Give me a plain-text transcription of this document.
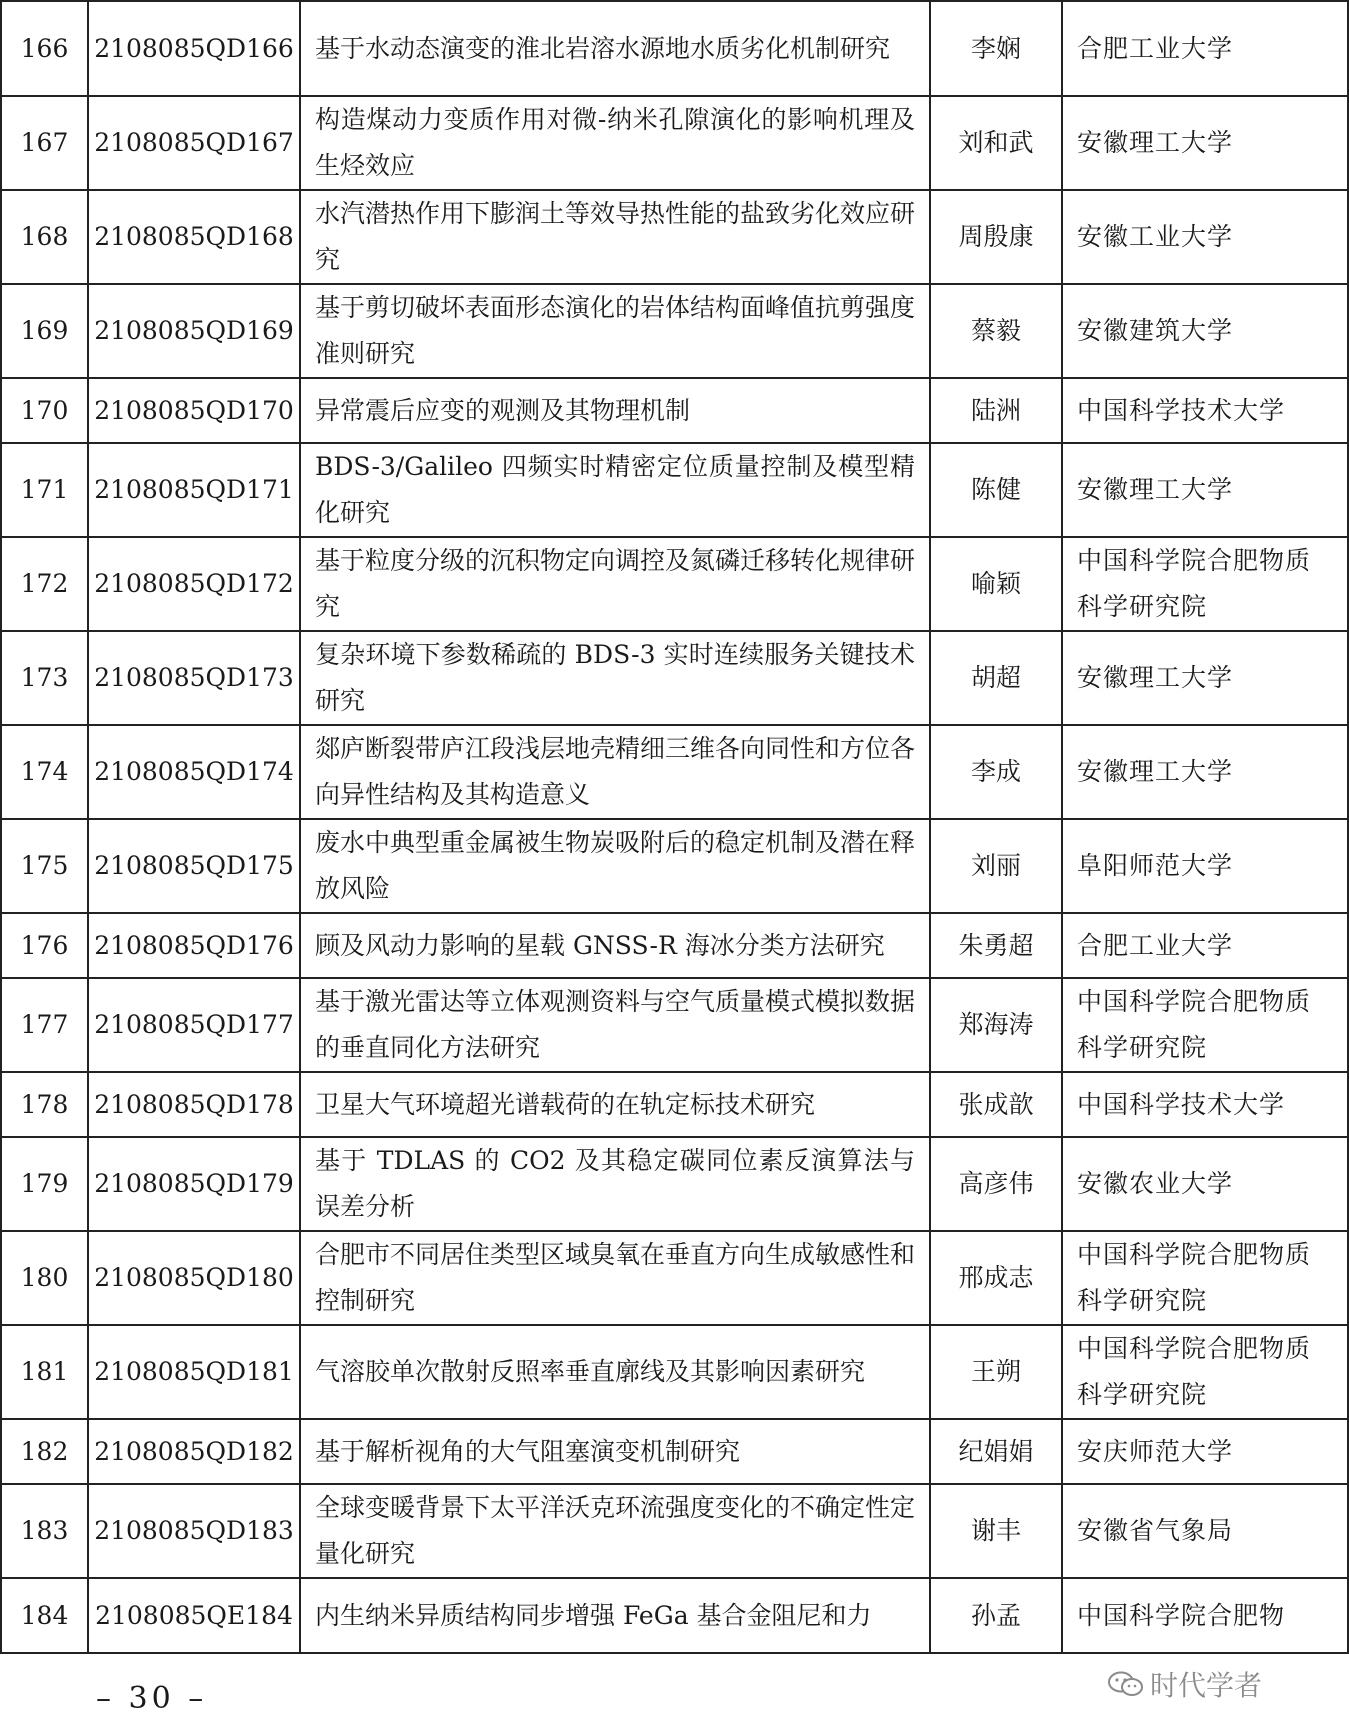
166	2108085QD166	基于水动态演变的淮北岩溶水源地水质劣化机制研究	李娴	合肥工业大学
167	2108085QD167	构造煤动力变质作用对微-纳米孔隙演化的影响机理及生烃效应	刘和武	安徽理工大学
168	2108085QD168	水汽潜热作用下膨润土等效导热性能的盐致劣化效应研究	周殷康	安徽工业大学
169	2108085QD169	基于剪切破坏表面形态演化的岩体结构面峰值抗剪强度准则研究	蔡毅	安徽建筑大学
170	2108085QD170	异常震后应变的观测及其物理机制	陆洲	中国科学技术大学
171	2108085QD171	BDS-3/Galileo 四频实时精密定位质量控制及模型精化研究	陈健	安徽理工大学
172	2108085QD172	基于粒度分级的沉积物定向调控及氮磷迁移转化规律研究	喻颖	中国科学院合肥物质科学研究院
173	2108085QD173	复杂环境下参数稀疏的 BDS-3 实时连续服务关键技术研究	胡超	安徽理工大学
174	2108085QD174	郯庐断裂带庐江段浅层地壳精细三维各向同性和方位各向异性结构及其构造意义	李成	安徽理工大学
175	2108085QD175	废水中典型重金属被生物炭吸附后的稳定机制及潜在释放风险	刘丽	阜阳师范大学
176	2108085QD176	顾及风动力影响的星载 GNSS-R 海冰分类方法研究	朱勇超	合肥工业大学
177	2108085QD177	基于激光雷达等立体观测资料与空气质量模式模拟数据的垂直同化方法研究	郑海涛	中国科学院合肥物质科学研究院
178	2108085QD178	卫星大气环境超光谱载荷的在轨定标技术研究	张成歆	中国科学技术大学
179	2108085QD179	基于 TDLAS 的 CO2 及其稳定碳同位素反演算法与误差分析	高彦伟	安徽农业大学
180	2108085QD180	合肥市不同居住类型区域臭氧在垂直方向生成敏感性和控制研究	邢成志	中国科学院合肥物质科学研究院
181	2108085QD181	气溶胶单次散射反照率垂直廓线及其影响因素研究	王朔	中国科学院合肥物质科学研究院
182	2108085QD182	基于解析视角的大气阻塞演变机制研究	纪娟娟	安庆师范大学
183	2108085QD183	全球变暖背景下太平洋沃克环流强度变化的不确定性定量化研究	谢丰	安徽省气象局
184	2108085QE184	内生纳米异质结构同步增强 FeGa 基合金阻尼和力	孙孟	中国科学院合肥物
– 30 –	时代学者
